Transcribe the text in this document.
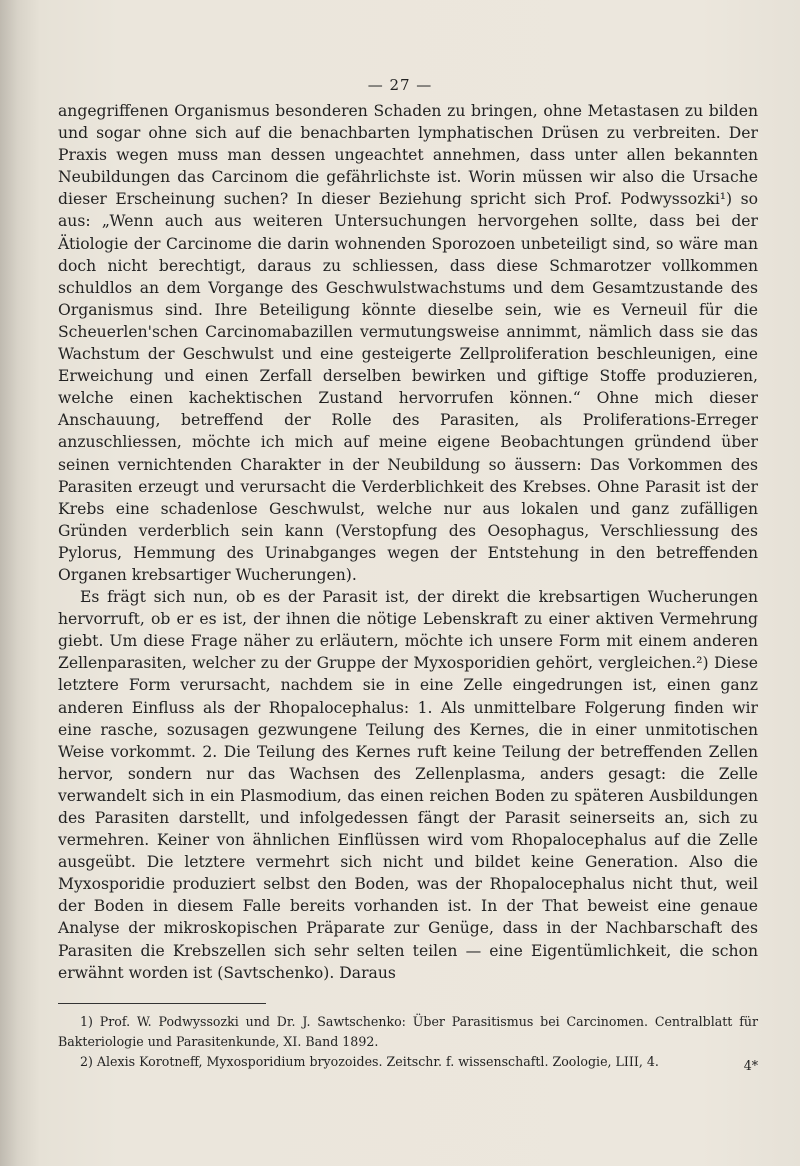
— 27 —

angegriffenen Organismus besonderen Schaden zu bringen, ohne Metastasen zu bilden und sogar ohne sich auf die benachbarten lymphatischen Drüsen zu verbreiten. Der Praxis wegen muss man dessen ungeachtet annehmen, dass unter allen bekannten Neubildungen das Carcinom die gefährlichste ist. Worin müssen wir also die Ursache dieser Erscheinung suchen? In dieser Beziehung spricht sich Prof. Podwyssozki¹) so aus: „Wenn auch aus weiteren Untersuchungen hervorgehen sollte, dass bei der Ätiologie der Carcinome die darin wohnenden Sporozoen unbeteiligt sind, so wäre man doch nicht berechtigt, daraus zu schliessen, dass diese Schmarotzer vollkommen schuldlos an dem Vorgange des Geschwulstwachstums und dem Gesamtzustande des Organismus sind. Ihre Beteiligung könnte dieselbe sein, wie es Verneuil für die Scheuerlen'schen Carcinomabazillen vermutungsweise annimmt, nämlich dass sie das Wachstum der Geschwulst und eine gesteigerte Zellproliferation beschleunigen, eine Erweichung und einen Zerfall derselben bewirken und giftige Stoffe produzieren, welche einen kachektischen Zustand hervorrufen können.“ Ohne mich dieser Anschauung, betreffend der Rolle des Parasiten, als Proliferations-Erreger anzuschliessen, möchte ich mich auf meine eigene Beobachtungen gründend über seinen vernichtenden Charakter in der Neubildung so äussern: Das Vorkommen des Parasiten erzeugt und verursacht die Verderblichkeit des Krebses. Ohne Parasit ist der Krebs eine schadenlose Geschwulst, welche nur aus lokalen und ganz zufälligen Gründen verderblich sein kann (Verstopfung des Oesophagus, Verschliessung des Pylorus, Hemmung des Urinabganges wegen der Entstehung in den betreffenden Organen krebsartiger Wucherungen).

Es frägt sich nun, ob es der Parasit ist, der direkt die krebsartigen Wucherungen hervorruft, ob er es ist, der ihnen die nötige Lebenskraft zu einer aktiven Vermehrung giebt. Um diese Frage näher zu erläutern, möchte ich unsere Form mit einem anderen Zellenparasiten, welcher zu der Gruppe der Myxosporidien gehört, vergleichen.²) Diese letztere Form verursacht, nachdem sie in eine Zelle eingedrungen ist, einen ganz anderen Einfluss als der Rhopalocephalus: 1. Als unmittelbare Folgerung finden wir eine rasche, sozusagen gezwungene Teilung des Kernes, die in einer unmitotischen Weise vorkommt. 2. Die Teilung des Kernes ruft keine Teilung der betreffenden Zellen hervor, sondern nur das Wachsen des Zellenplasma, anders gesagt: die Zelle verwandelt sich in ein Plasmodium, das einen reichen Boden zu späteren Ausbildungen des Parasiten darstellt, und infolgedessen fängt der Parasit seinerseits an, sich zu vermehren. Keiner von ähnlichen Einflüssen wird vom Rhopalocephalus auf die Zelle ausgeübt. Die letztere vermehrt sich nicht und bildet keine Generation. Also die Myxosporidie produziert selbst den Boden, was der Rhopalocephalus nicht thut, weil der Boden in diesem Falle bereits vorhanden ist. In der That beweist eine genaue Analyse der mikroskopischen Präparate zur Genüge, dass in der Nachbarschaft des Parasiten die Krebszellen sich sehr selten teilen — eine Eigentümlichkeit, die schon erwähnt worden ist (Savtschenko). Daraus

1) Prof. W. Podwyssozki und Dr. J. Sawtschenko: Über Parasitismus bei Carcinomen. Centralblatt für Bakteriologie und Parasitenkunde, XI. Band 1892.

2) Alexis Korotneff, Myxosporidium bryozoides. Zeitschr. f. wissenschaftl. Zoologie, LIII, 4.	4*
